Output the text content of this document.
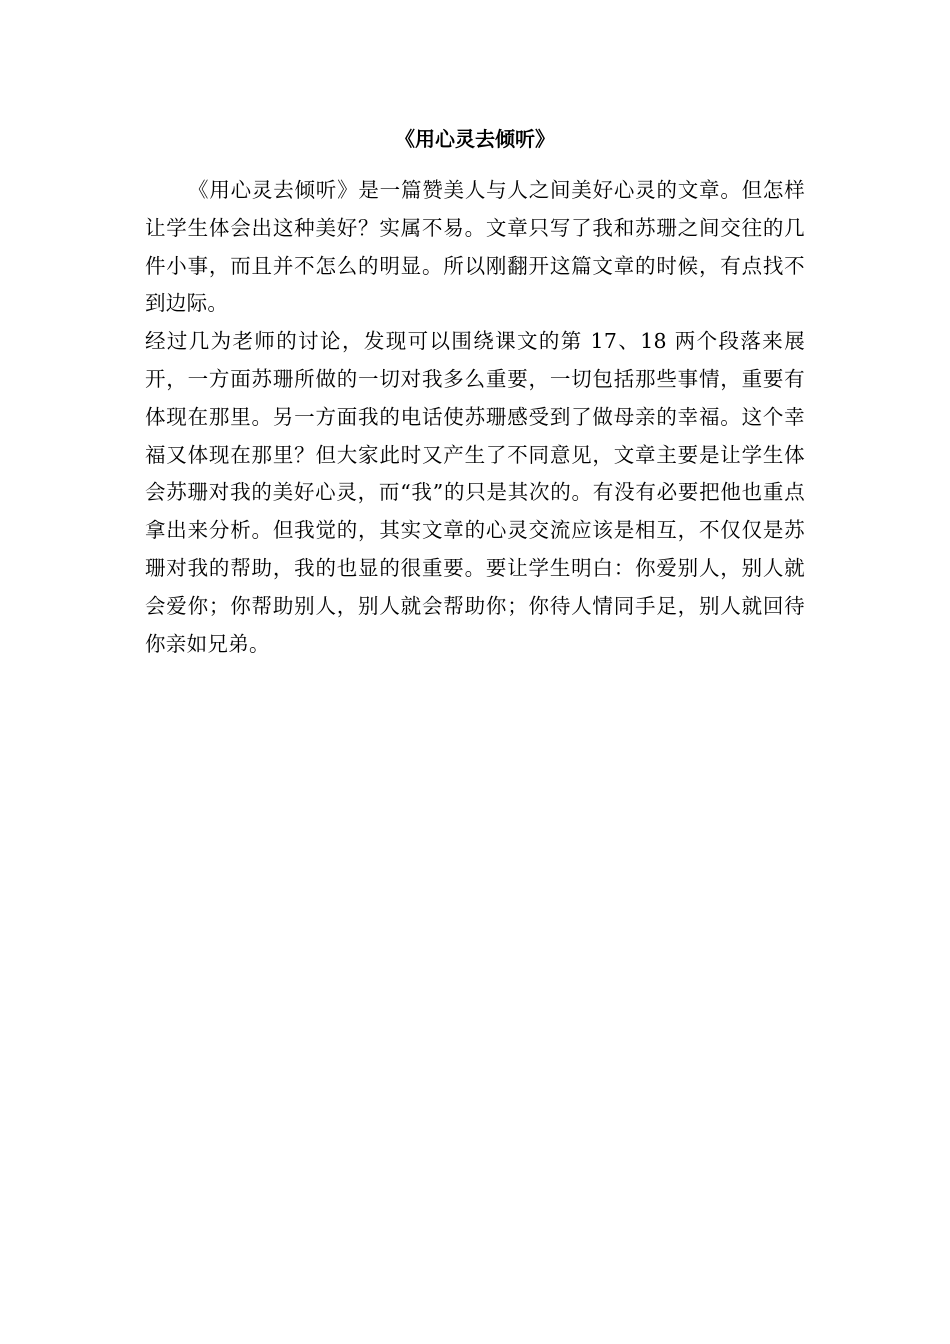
《用心灵去倾听》

《用心灵去倾听》是一篇赞美人与人之间美好心灵的文章。但怎样让学生体会出这种美好？实属不易。文章只写了我和苏珊之间交往的几件小事，而且并不怎么的明显。所以刚翻开这篇文章的时候，有点找不到边际。

经过几为老师的讨论，发现可以围绕课文的第 17、18 两个段落来展开，一方面苏珊所做的一切对我多么重要，一切包括那些事情，重要有体现在那里。另一方面我的电话使苏珊感受到了做母亲的幸福。这个幸福又体现在那里？但大家此时又产生了不同意见，文章主要是让学生体会苏珊对我的美好心灵，而“我”的只是其次的。有没有必要把他也重点拿出来分析。但我觉的，其实文章的心灵交流应该是相互，不仅仅是苏珊对我的帮助，我的也显的很重要。要让学生明白：你爱别人，别人就会爱你；你帮助别人，别人就会帮助你；你待人情同手足，别人就回待你亲如兄弟。
